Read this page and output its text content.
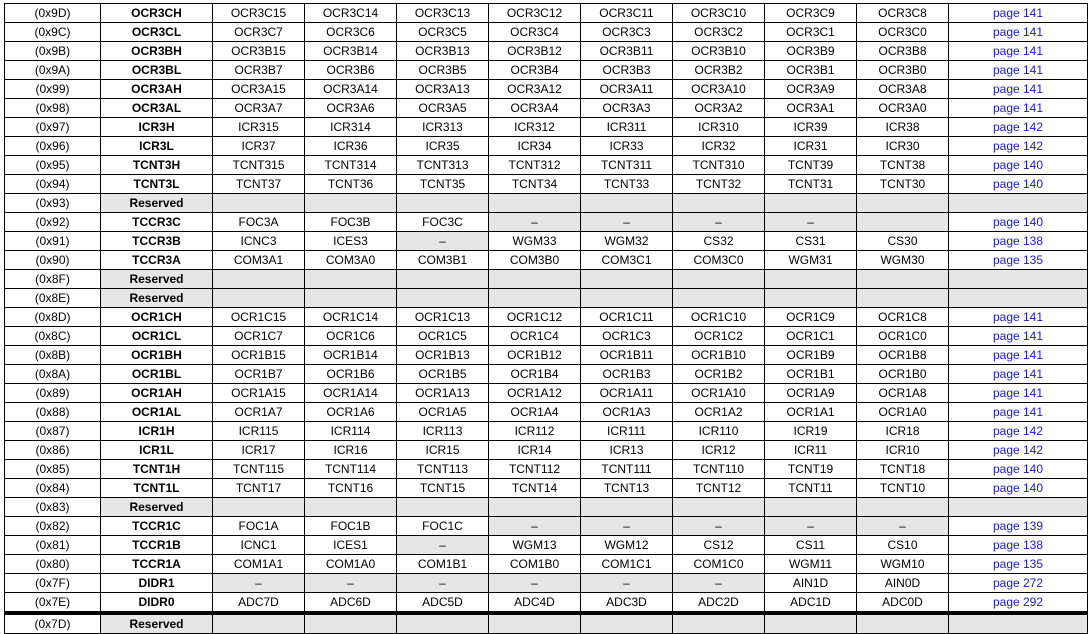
(0x9D)	OCR3CH	OCR3C15	OCR3C14	OCR3C13	OCR3C12	OCR3C11	OCR3C10	OCR3C9	OCR3C8	page 141
(0x9C)	OCR3CL	OCR3C7	OCR3C6	OCR3C5	OCR3C4	OCR3C3	OCR3C2	OCR3C1	OCR3C0	page 141
(0x9B)	OCR3BH	OCR3B15	OCR3B14	OCR3B13	OCR3B12	OCR3B11	OCR3B10	OCR3B9	OCR3B8	page 141
(0x9A)	OCR3BL	OCR3B7	OCR3B6	OCR3B5	OCR3B4	OCR3B3	OCR3B2	OCR3B1	OCR3B0	page 141
(0x99)	OCR3AH	OCR3A15	OCR3A14	OCR3A13	OCR3A12	OCR3A11	OCR3A10	OCR3A9	OCR3A8	page 141
(0x98)	OCR3AL	OCR3A7	OCR3A6	OCR3A5	OCR3A4	OCR3A3	OCR3A2	OCR3A1	OCR3A0	page 141
(0x97)	ICR3H	ICR315	ICR314	ICR313	ICR312	ICR311	ICR310	ICR39	ICR38	page 142
(0x96)	ICR3L	ICR37	ICR36	ICR35	ICR34	ICR33	ICR32	ICR31	ICR30	page 142
(0x95)	TCNT3H	TCNT315	TCNT314	TCNT313	TCNT312	TCNT311	TCNT310	TCNT39	TCNT38	page 140
(0x94)	TCNT3L	TCNT37	TCNT36	TCNT35	TCNT34	TCNT33	TCNT32	TCNT31	TCNT30	page 140
(0x93)	Reserved									
(0x92)	TCCR3C	FOC3A	FOC3B	FOC3C	–	–	–	–		page 140
(0x91)	TCCR3B	ICNC3	ICES3	–	WGM33	WGM32	CS32	CS31	CS30	page 138
(0x90)	TCCR3A	COM3A1	COM3A0	COM3B1	COM3B0	COM3C1	COM3C0	WGM31	WGM30	page 135
(0x8F)	Reserved									
(0x8E)	Reserved									
(0x8D)	OCR1CH	OCR1C15	OCR1C14	OCR1C13	OCR1C12	OCR1C11	OCR1C10	OCR1C9	OCR1C8	page 141
(0x8C)	OCR1CL	OCR1C7	OCR1C6	OCR1C5	OCR1C4	OCR1C3	OCR1C2	OCR1C1	OCR1C0	page 141
(0x8B)	OCR1BH	OCR1B15	OCR1B14	OCR1B13	OCR1B12	OCR1B11	OCR1B10	OCR1B9	OCR1B8	page 141
(0x8A)	OCR1BL	OCR1B7	OCR1B6	OCR1B5	OCR1B4	OCR1B3	OCR1B2	OCR1B1	OCR1B0	page 141
(0x89)	OCR1AH	OCR1A15	OCR1A14	OCR1A13	OCR1A12	OCR1A11	OCR1A10	OCR1A9	OCR1A8	page 141
(0x88)	OCR1AL	OCR1A7	OCR1A6	OCR1A5	OCR1A4	OCR1A3	OCR1A2	OCR1A1	OCR1A0	page 141
(0x87)	ICR1H	ICR115	ICR114	ICR113	ICR112	ICR111	ICR110	ICR19	ICR18	page 142
(0x86)	ICR1L	ICR17	ICR16	ICR15	ICR14	ICR13	ICR12	ICR11	ICR10	page 142
(0x85)	TCNT1H	TCNT115	TCNT114	TCNT113	TCNT112	TCNT111	TCNT110	TCNT19	TCNT18	page 140
(0x84)	TCNT1L	TCNT17	TCNT16	TCNT15	TCNT14	TCNT13	TCNT12	TCNT11	TCNT10	page 140
(0x83)	Reserved									
(0x82)	TCCR1C	FOC1A	FOC1B	FOC1C	–	–	–	–	–	page 139
(0x81)	TCCR1B	ICNC1	ICES1	–	WGM13	WGM12	CS12	CS11	CS10	page 138
(0x80)	TCCR1A	COM1A1	COM1A0	COM1B1	COM1B0	COM1C1	COM1C0	WGM11	WGM10	page 135
(0x7F)	DIDR1	–	–	–	–	–	–	AIN1D	AIN0D	page 272
(0x7E)	DIDR0	ADC7D	ADC6D	ADC5D	ADC4D	ADC3D	ADC2D	ADC1D	ADC0D	page 292
(0x7D)	Reserved									
